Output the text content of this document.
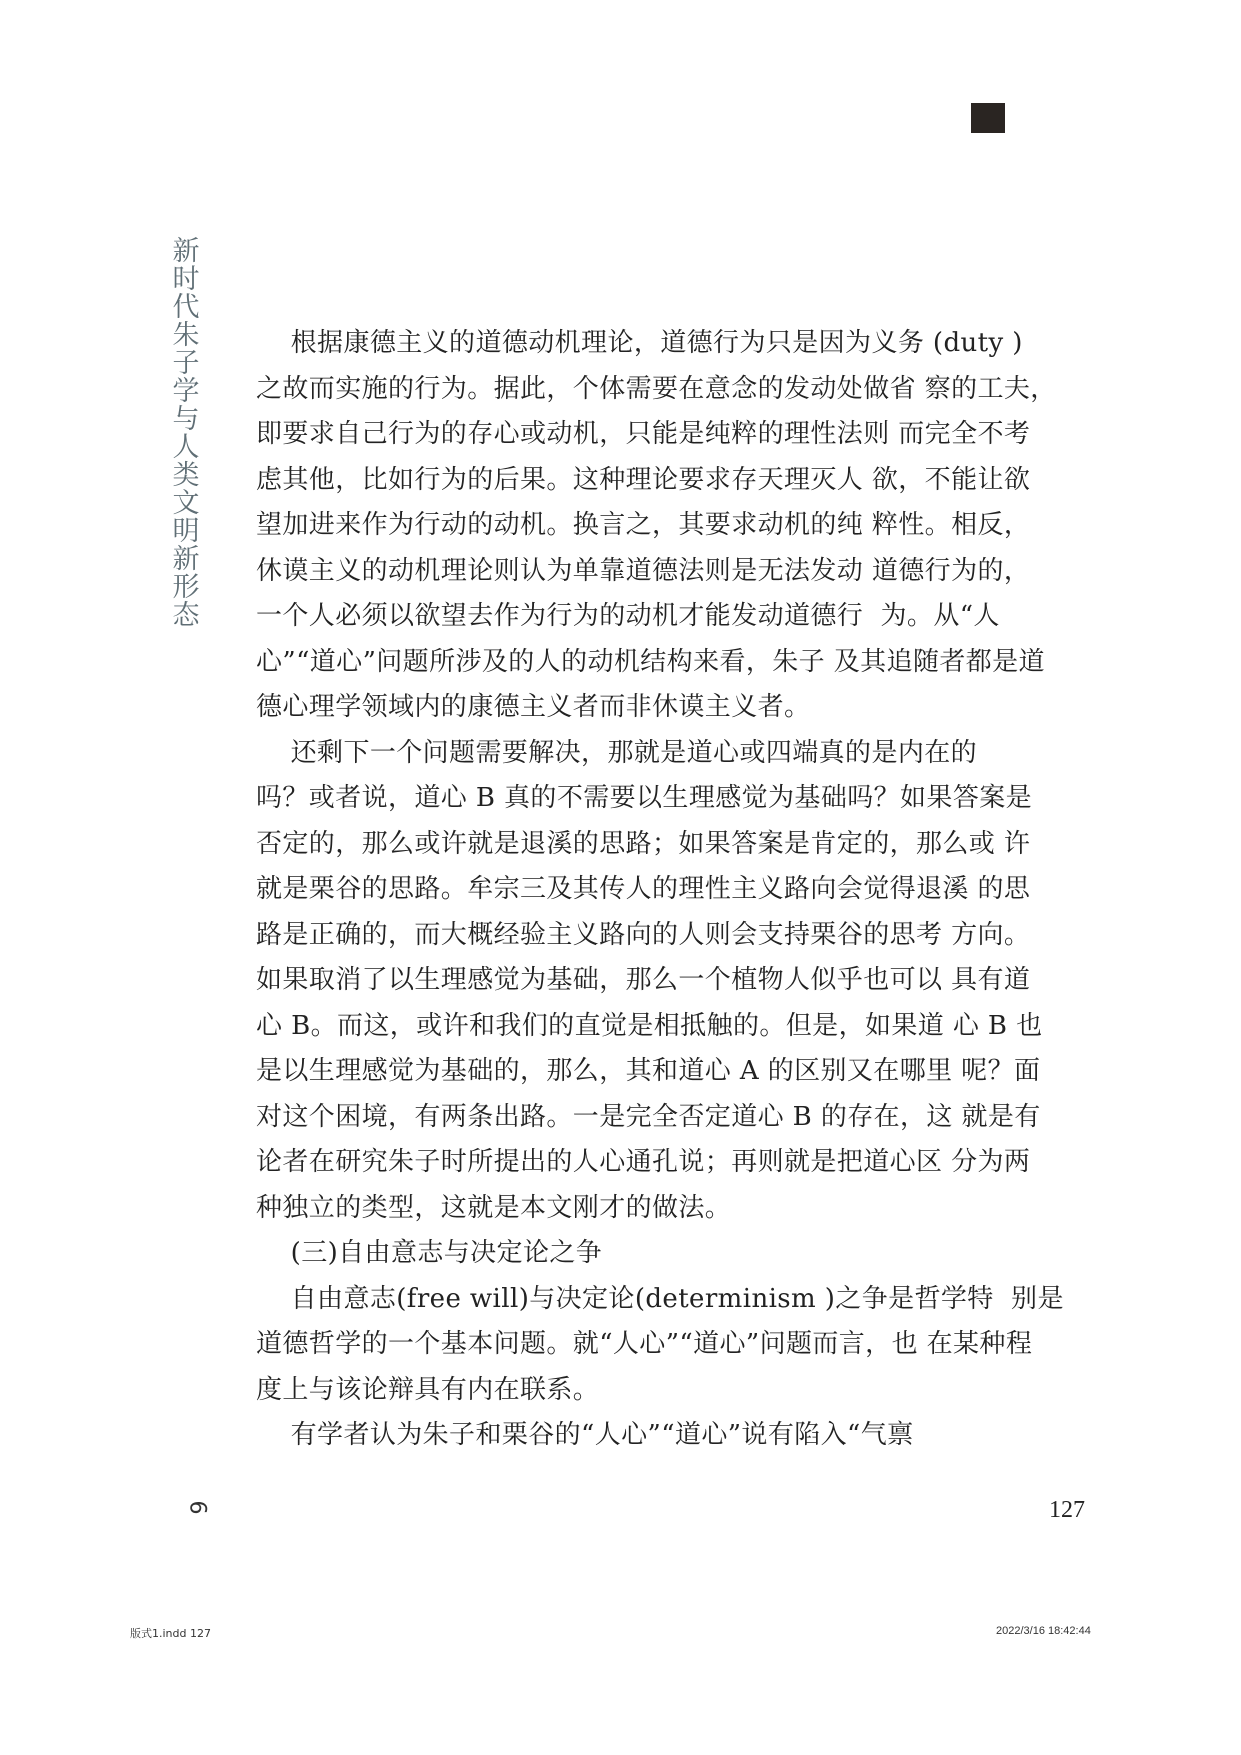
新时代朱子学与人类文明新形态
6
根据康德主义的道德动机理论，道德行为只是因为义务 (duty )
之故而实施的行为。据此，个体需要在意念的发动处做省 察的工夫，
即要求自己行为的存心或动机，只能是纯粹的理性法则 而完全不考
虑其他，比如行为的后果。这种理论要求存天理灭人 欲，不能让欲
望加进来作为行动的动机。换言之，其要求动机的纯 粹性。相反，
休谟主义的动机理论则认为单靠道德法则是无法发动 道德行为的，
一个人必须以欲望去作为行为的动机才能发动道德行  为。从“人
心”“道心”问题所涉及的人的动机结构来看，朱子 及其追随者都是道
德心理学领域内的康德主义者而非休谟主义者。
还剩下一个问题需要解决，那就是道心或四端真的是内在的
吗？或者说，道心 B 真的不需要以生理感觉为基础吗？如果答案是
否定的，那么或许就是退溪的思路；如果答案是肯定的，那么或 许
就是栗谷的思路。牟宗三及其传人的理性主义路向会觉得退溪 的思
路是正确的，而大概经验主义路向的人则会支持栗谷的思考 方向。
如果取消了以生理感觉为基础，那么一个植物人似乎也可以 具有道
心 B。而这，或许和我们的直觉是相抵触的。但是，如果道 心 B 也
是以生理感觉为基础的，那么，其和道心 A 的区别又在哪里 呢？面
对这个困境，有两条出路。一是完全否定道心 B 的存在，这 就是有
论者在研究朱子时所提出的人心通孔说；再则就是把道心区 分为两
种独立的类型，这就是本文刚才的做法。
(三)自由意志与决定论之争
自由意志(free will)与决定论(determinism )之争是哲学特  别是
道德哲学的一个基本问题。就“人心”“道心”问题而言，也 在某种程
度上与该论辩具有内在联系。
有学者认为朱子和栗谷的“人心”“道心”说有陷入“气禀
127
版式1.indd 127	2022/3/16 18:42:44
